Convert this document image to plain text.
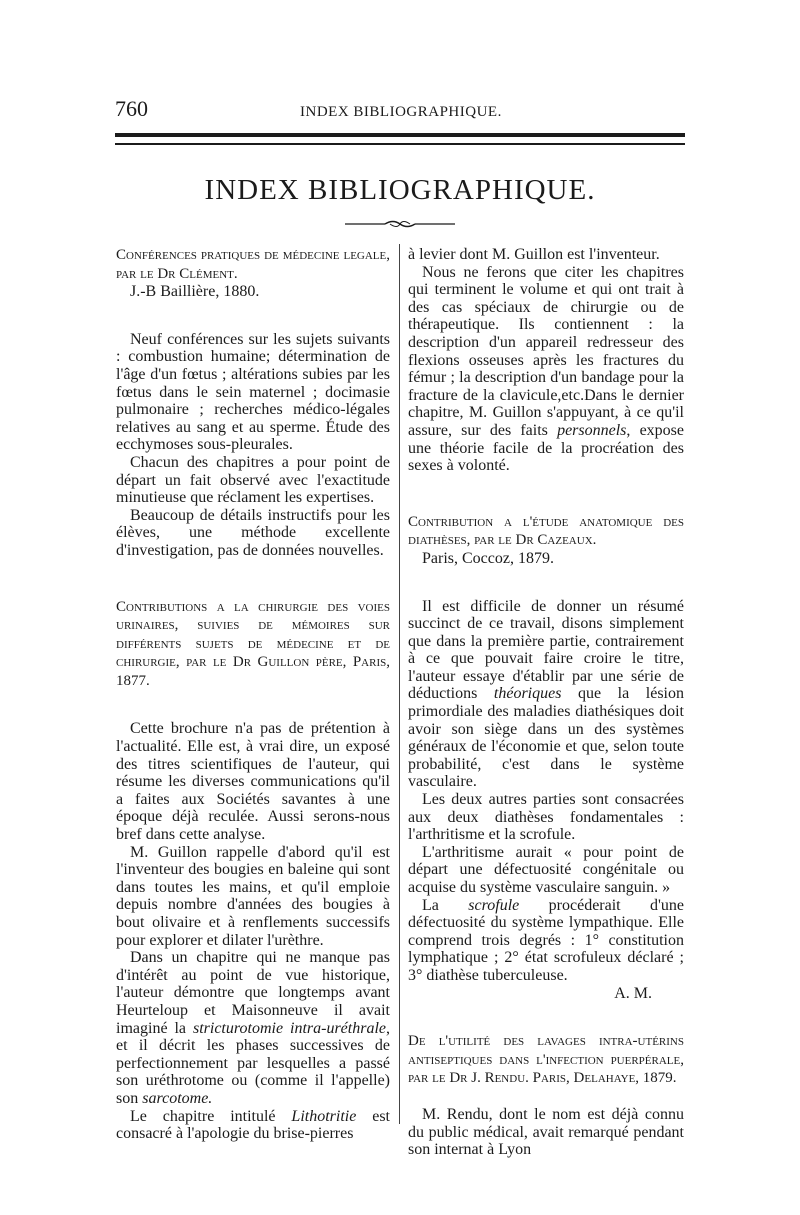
760	INDEX BIBLIOGRAPHIQUE.
INDEX BIBLIOGRAPHIQUE.
Conférences pratiques de médecine legale, par le Dr Clément.
J.-B Baillière, 1880.

Neuf conférences sur les sujets suivants : combustion humaine; détermination de l'âge d'un fœtus ; altérations subies par les fœtus dans le sein maternel ; docimasie pulmonaire ; recherches médico-légales relatives au sang et au sperme. Étude des ecchymoses sous-pleurales.

Chacun des chapitres a pour point de départ un fait observé avec l'exactitude minutieuse que réclament les expertises.

Beaucoup de détails instructifs pour les élèves, une méthode excellente d'investigation, pas de données nouvelles.

Contributions a la chirurgie des voies urinaires, suivies de mémoires sur différents sujets de médecine et de chirurgie, par le Dr Guillon père, Paris, 1877.

Cette brochure n'a pas de prétention à l'actualité. Elle est, à vrai dire, un exposé des titres scientifiques de l'auteur, qui résume les diverses communications qu'il a faites aux Sociétés savantes à une époque déjà reculée. Aussi serons-nous bref dans cette analyse.

M. Guillon rappelle d'abord qu'il est l'inventeur des bougies en baleine qui sont dans toutes les mains, et qu'il emploie depuis nombre d'années des bougies à bout olivaire et à renflements successifs pour explorer et dilater l'urèthre.

Dans un chapitre qui ne manque pas d'intérêt au point de vue historique, l'auteur démontre que longtemps avant Heurteloup et Maisonneuve il avait imaginé la stricturotomie intra-uréthrale, et il décrit les phases successives de perfectionnement par lesquelles a passé son uréthrotome ou (comme il l'appelle) son sarcotome.

Le chapitre intitulé Lithotritie est consacré à l'apologie du brise-pierres

à levier dont M. Guillon est l'inventeur.

Nous ne ferons que citer les chapitres qui terminent le volume et qui ont trait à des cas spéciaux de chirurgie ou de thérapeutique. Ils contiennent : la description d'un appareil redresseur des flexions osseuses après les fractures du fémur ; la description d'un bandage pour la fracture de la clavicule,etc.Dans le dernier chapitre, M. Guillon s'appuyant, à ce qu'il assure, sur des faits personnels, expose une théorie facile de la procréation des sexes à volonté.

Contribution a l'étude anatomique des diathèses, par le Dr Cazeaux.
Paris, Coccoz, 1879.

Il est difficile de donner un résumé succinct de ce travail, disons simplement que dans la première partie, contrairement à ce que pouvait faire croire le titre, l'auteur essaye d'établir par une série de déductions théoriques que la lésion primordiale des maladies diathésiques doit avoir son siège dans un des systèmes généraux de l'économie et que, selon toute probabilité, c'est dans le système vasculaire.

Les deux autres parties sont consacrées aux deux diathèses fondamentales : l'arthritisme et la scrofule.

L'arthritisme aurait « pour point de départ une défectuosité congénitale ou acquise du système vasculaire sanguin. »

La scrofule procéderait d'une défectuosité du système lympathique. Elle comprend trois degrés : 1° constitution lymphatique ; 2° état scrofuleux déclaré ; 3° diathèse tuberculeuse.

A. M.

De l'utilité des lavages intra-utérins antiseptiques dans l'infection puerpérale, par le Dr J. Rendu. Paris, Delahaye, 1879.

M. Rendu, dont le nom est déjà connu du public médical, avait remarqué pendant son internat à Lyon
